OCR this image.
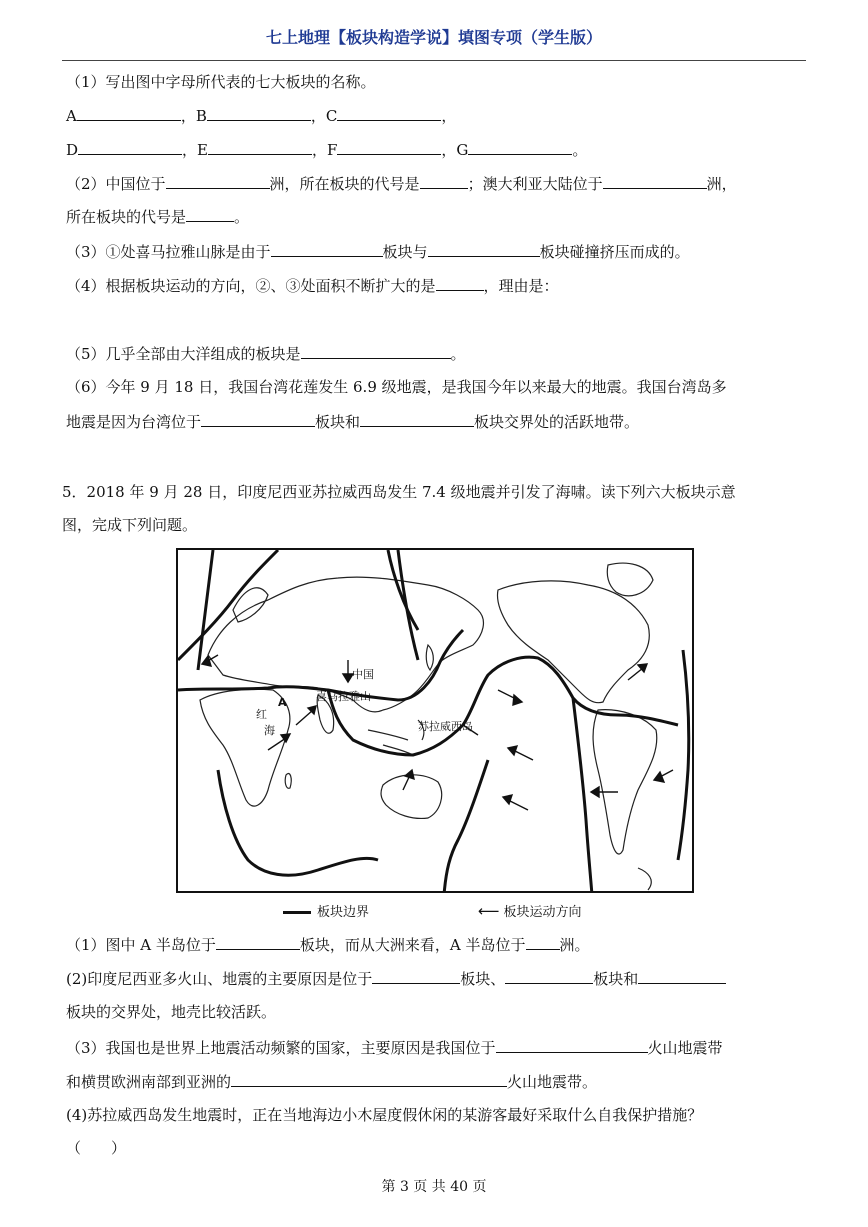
七上地理【板块构造学说】填图专项（学生版）
（1）写出图中字母所代表的七大板块的名称。
A	，B	，C	，
D	，E	，F	，G	。
（2）中国位于	洲，所在板块的代号是	；澳大利亚大陆位于	洲，
所在板块的代号是	。
（3）①处喜马拉雅山脉是由于	板块与	板块碰撞挤压而成的。
（4）根据板块运动的方向，②、③处面积不断扩大的是	，理由是：
（5）几乎全部由大洋组成的板块是	。
（6）今年 9 月 18 日，我国台湾花莲发生 6.9 级地震，是我国今年以来最大的地震。我国台湾岛多
地震是因为台湾位于	板块和	板块交界处的活跃地带。
5．2018 年 9 月 28 日，印度尼西亚苏拉威西岛发生 7.4 级地震并引发了海啸。读下列六大板块示意
图，完成下列问题。
中国
喜马拉雅山
苏拉威西岛
红
海
A
板块边界	⟵ 板块运动方向
（1）图中 A 半岛位于	板块，而从大洲来看，A 半岛位于 洲。
(2)印度尼西亚多火山、地震的主要原因是位于	板块、	板块和
板块的交界处，地壳比较活跃。
（3）我国也是世界上地震活动频繁的国家，主要原因是我国位于	火山地震带
和横贯欧洲南部到亚洲的	火山地震带。
(4)苏拉威西岛发生地震时，正在当地海边小木屋度假休闲的某游客最好采取什么自我保护措施？
（　　）
第 3 页 共 40 页
